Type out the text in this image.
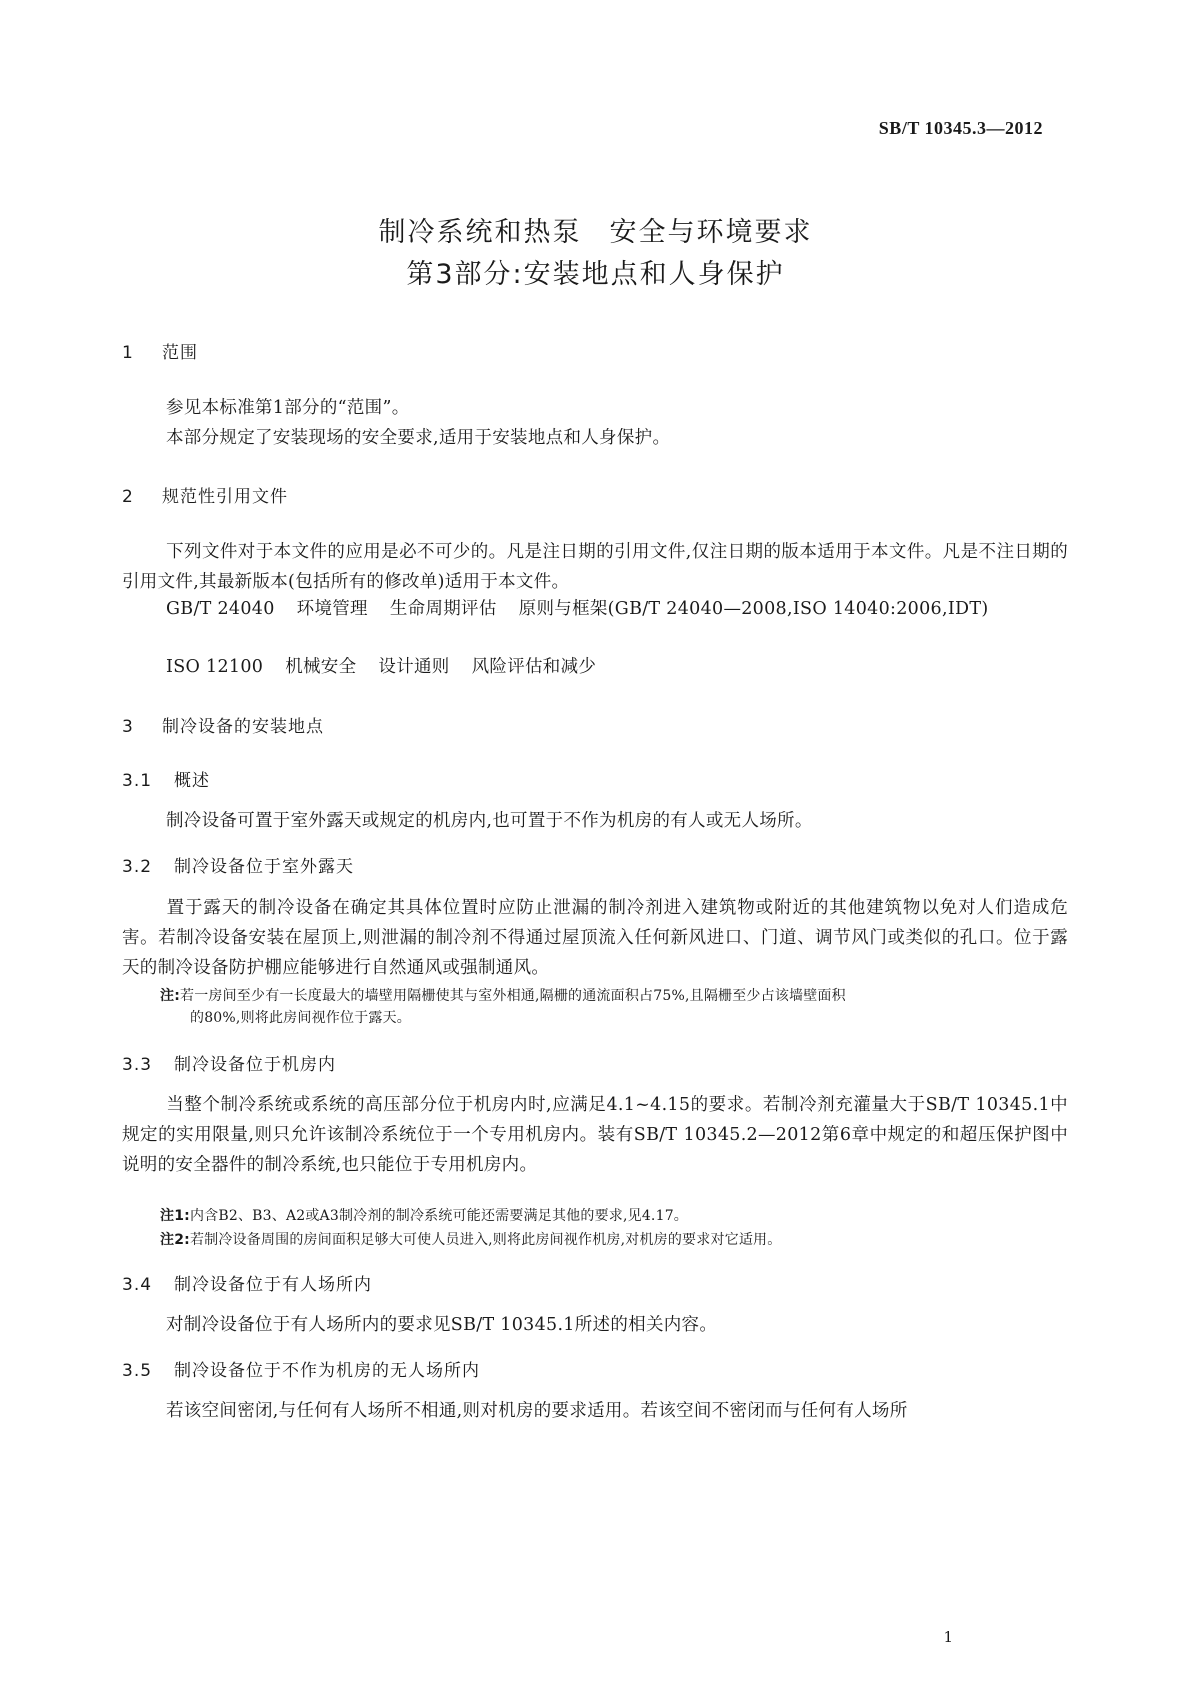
SB/T 10345.3—2012
制冷系统和热泵 安全与环境要求
第3部分:安装地点和人身保护
1 范围
参见本标准第1部分的“范围”。
本部分规定了安装现场的安全要求,适用于安装地点和人身保护。
2 规范性引用文件
下列文件对于本文件的应用是必不可少的。凡是注日期的引用文件,仅注日期的版本适用于本文件。凡是不注日期的引用文件,其最新版本(包括所有的修改单)适用于本文件。
GB/T 24040 环境管理 生命周期评估 原则与框架(GB/T 24040—2008,ISO 14040:2006,IDT)
ISO 12100 机械安全 设计通则 风险评估和减少
3 制冷设备的安装地点
3.1 概述
制冷设备可置于室外露天或规定的机房内,也可置于不作为机房的有人或无人场所。
3.2 制冷设备位于室外露天
置于露天的制冷设备在确定其具体位置时应防止泄漏的制冷剂进入建筑物或附近的其他建筑物以免对人们造成危害。若制冷设备安装在屋顶上,则泄漏的制冷剂不得通过屋顶流入任何新风进口、门道、调节风门或类似的孔口。位于露天的制冷设备防护棚应能够进行自然通风或强制通风。
注:若一房间至少有一长度最大的墙壁用隔栅使其与室外相通,隔栅的通流面积占75%,且隔栅至少占该墙壁面积
的80%,则将此房间视作位于露天。
3.3 制冷设备位于机房内
当整个制冷系统或系统的高压部分位于机房内时,应满足4.1~4.15的要求。若制冷剂充灌量大于SB/T 10345.1中规定的实用限量,则只允许该制冷系统位于一个专用机房内。装有SB/T 10345.2—2012第6章中规定的和超压保护图中说明的安全器件的制冷系统,也只能位于专用机房内。
注1:内含B2、B3、A2或A3制冷剂的制冷系统可能还需要满足其他的要求,见4.17。
注2:若制冷设备周围的房间面积足够大可使人员进入,则将此房间视作机房,对机房的要求对它适用。
3.4 制冷设备位于有人场所内
对制冷设备位于有人场所内的要求见SB/T 10345.1所述的相关内容。
3.5 制冷设备位于不作为机房的无人场所内
若该空间密闭,与任何有人场所不相通,则对机房的要求适用。若该空间不密闭而与任何有人场所
1
